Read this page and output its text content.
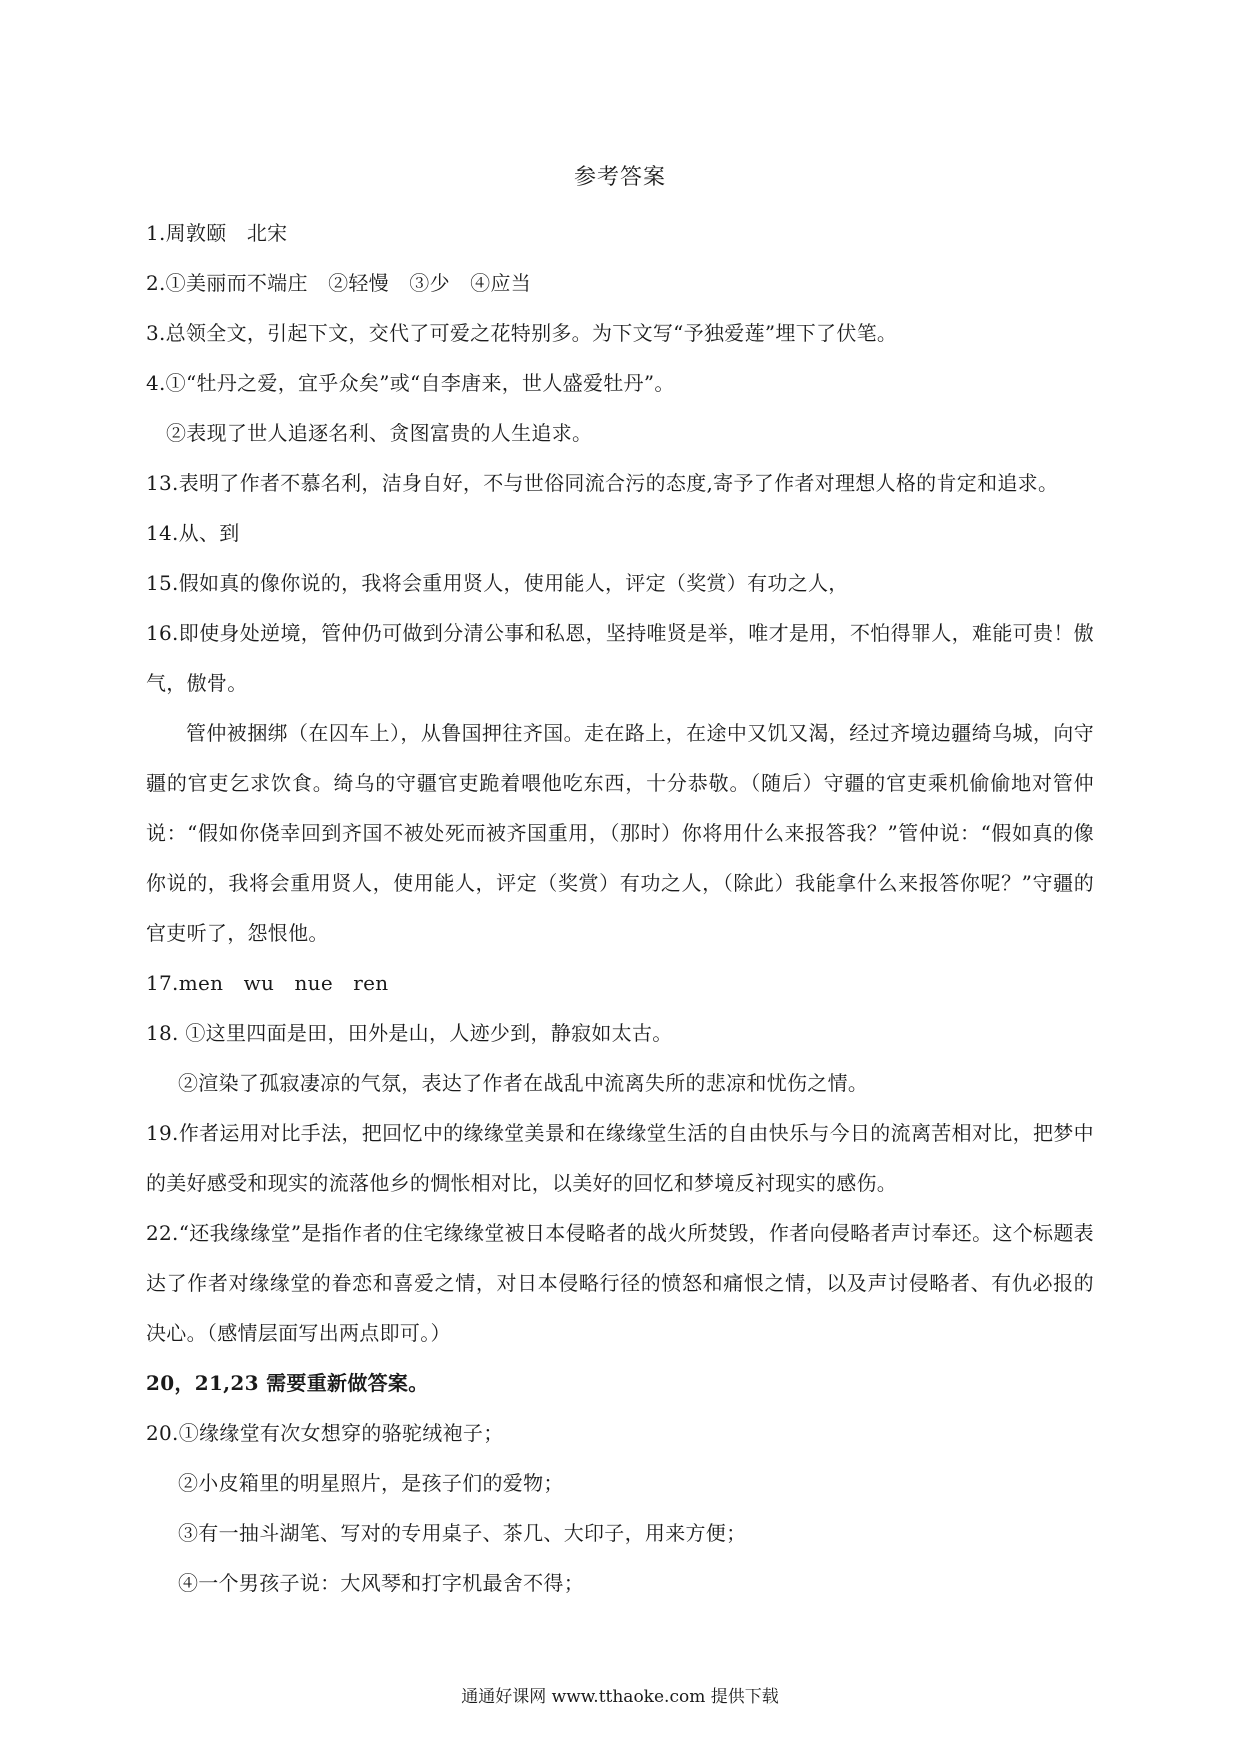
参考答案

1.周敦颐　北宋

2.①美丽而不端庄　②轻慢　③少　④应当

3.总领全文，引起下文，交代了可爱之花特别多。为下文写“予独爱莲”埋下了伏笔。

4.①“牡丹之爱，宜乎众矣”或“自李唐来，世人盛爱牡丹”。

②表现了世人追逐名利、贪图富贵的人生追求。

13.表明了作者不慕名利，洁身自好，不与世俗同流合污的态度,寄予了作者对理想人格的肯定和追求。

14.从、到

15.假如真的像你说的，我将会重用贤人，使用能人，评定（奖赏）有功之人，

16.即使身处逆境，管仲仍可做到分清公事和私恩，坚持唯贤是举，唯才是用，不怕得罪人，难能可贵！傲气，傲骨。

管仲被捆绑（在囚车上），从鲁国押往齐国。走在路上，在途中又饥又渴，经过齐境边疆绮乌城，向守疆的官吏乞求饮食。绮乌的守疆官吏跪着喂他吃东西，十分恭敬。（随后）守疆的官吏乘机偷偷地对管仲说：“假如你侥幸回到齐国不被处死而被齐国重用，（那时）你将用什么来报答我？”管仲说：“假如真的像你说的，我将会重用贤人，使用能人，评定（奖赏）有功之人，（除此）我能拿什么来报答你呢？”守疆的官吏听了，怨恨他。

17.men　wu　nue　ren

18. ①这里四面是田，田外是山，人迹少到，静寂如太古。

②渲染了孤寂凄凉的气氛，表达了作者在战乱中流离失所的悲凉和忧伤之情。

19.作者运用对比手法，把回忆中的缘缘堂美景和在缘缘堂生活的自由快乐与今日的流离苦相对比，把梦中的美好感受和现实的流落他乡的惆怅相对比，以美好的回忆和梦境反衬现实的感伤。

22.“还我缘缘堂”是指作者的住宅缘缘堂被日本侵略者的战火所焚毁，作者向侵略者声讨奉还。这个标题表达了作者对缘缘堂的眷恋和喜爱之情，对日本侵略行径的愤怒和痛恨之情，以及声讨侵略者、有仇必报的决心。（感情层面写出两点即可。）

20，21,23 需要重新做答案。

20.①缘缘堂有次女想穿的骆驼绒袍子；

②小皮箱里的明星照片，是孩子们的爱物；

③有一抽斗湖笔、写对的专用桌子、茶几、大印子，用来方便；

④一个男孩子说：大风琴和打字机最舍不得；

通通好课网 www.tthaoke.com 提供下载
